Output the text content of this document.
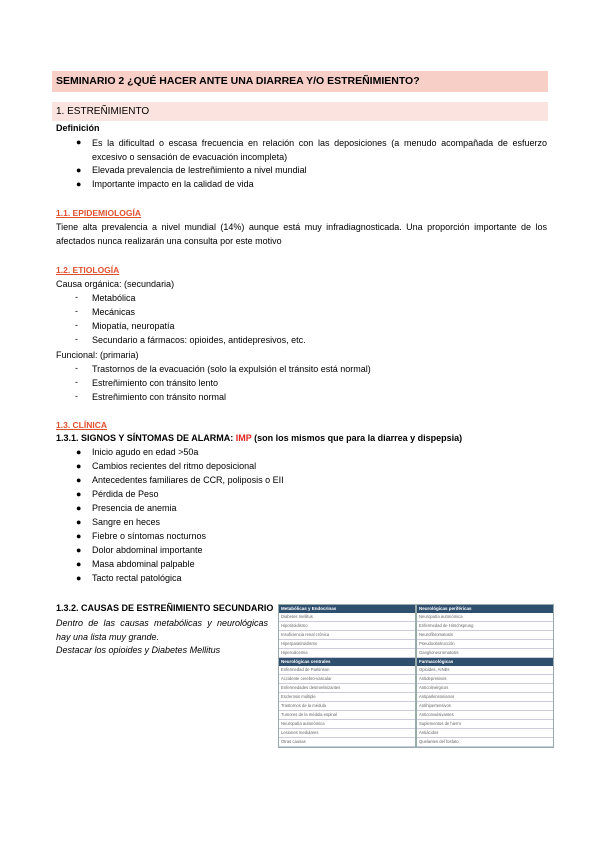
SEMINARIO 2 ¿QUÉ HACER ANTE UNA DIARREA Y/O ESTREÑIMIENTO?
1. ESTREÑIMIENTO
Definición
● Es la dificultad o escasa frecuencia en relación con las deposiciones (a menudo acompañada de esfuerzo excesivo o sensación de evacuación incompleta)
● Elevada prevalencia de lestreñimiento a nivel mundial
● Importante impacto en la calidad de vida
1.1. EPIDEMIOLOGÍA
Tiene alta prevalencia a nivel mundial (14%) aunque está muy infradiagnosticada. Una proporción importante de los afectados nunca realizarán una consulta por este motivo
1.2. ETIOLOGÍA
Causa orgánica: (secundaria)
- Metabólica
- Mecánicas
- Miopatía, neuropatía
- Secundario a fármacos: opioides, antidepresivos, etc.
Funcional: (primaria)
- Trastornos de la evacuación (solo la expulsión el tránsito está normal)
- Estreñimiento con tránsito lento
- Estreñimiento con tránsito normal
1.3. CLÍNICA
1.3.1. SIGNOS Y SÍNTOMAS DE ALARMA: IMP (son los mismos que para la diarrea y dispepsia)
● Inicio agudo en edad >50a
● Cambios recientes del ritmo deposicional
● Antecedentes familiares de CCR, poliposis o EII
● Pérdida de Peso
● Presencia de anemia
● Sangre en heces
● Fiebre o síntomas nocturnos
● Dolor abdominal importante
● Masa abdominal palpable
● Tacto rectal patológica
1.3.2. CAUSAS DE ESTREÑIMIENTO SECUNDARIO
Dentro de las causas metabólicas y neurológicas hay una lista muy grande.
Destacar los opioides y Diabetes Mellitus
Metabólicas y Endocrinas
Diabetes mellitus
Hipotiroidismo
Insuficiencia renal crónica
Hiperparatiroidismo
Hipercalcemia
Neurológicas centrales
Enfermedad de Parkinson
Accidente cerebro-vascular
Enfermedades desmielinizantes
Esclerosis múltiple
Trastornos de la médula
Tumores de la médula espinal
Neuropatía autonómica
Lesiones medulares
Otras causas
Neurológicas periféricas
Neuropatía autonómica
Enfermedad de Hirschsprung
Neurofibromatosis
Pseudoobstrucción
Ganglioneuromatosis
Farmacológicas
Opioides, AINEs
Antidepresivos
Anticolinérgicos
Antiparkinsonianos
Antihipertensivos
Anticonvulsivantes
Suplementos de hierro
Antiácidos
Quelantes del fosfato
